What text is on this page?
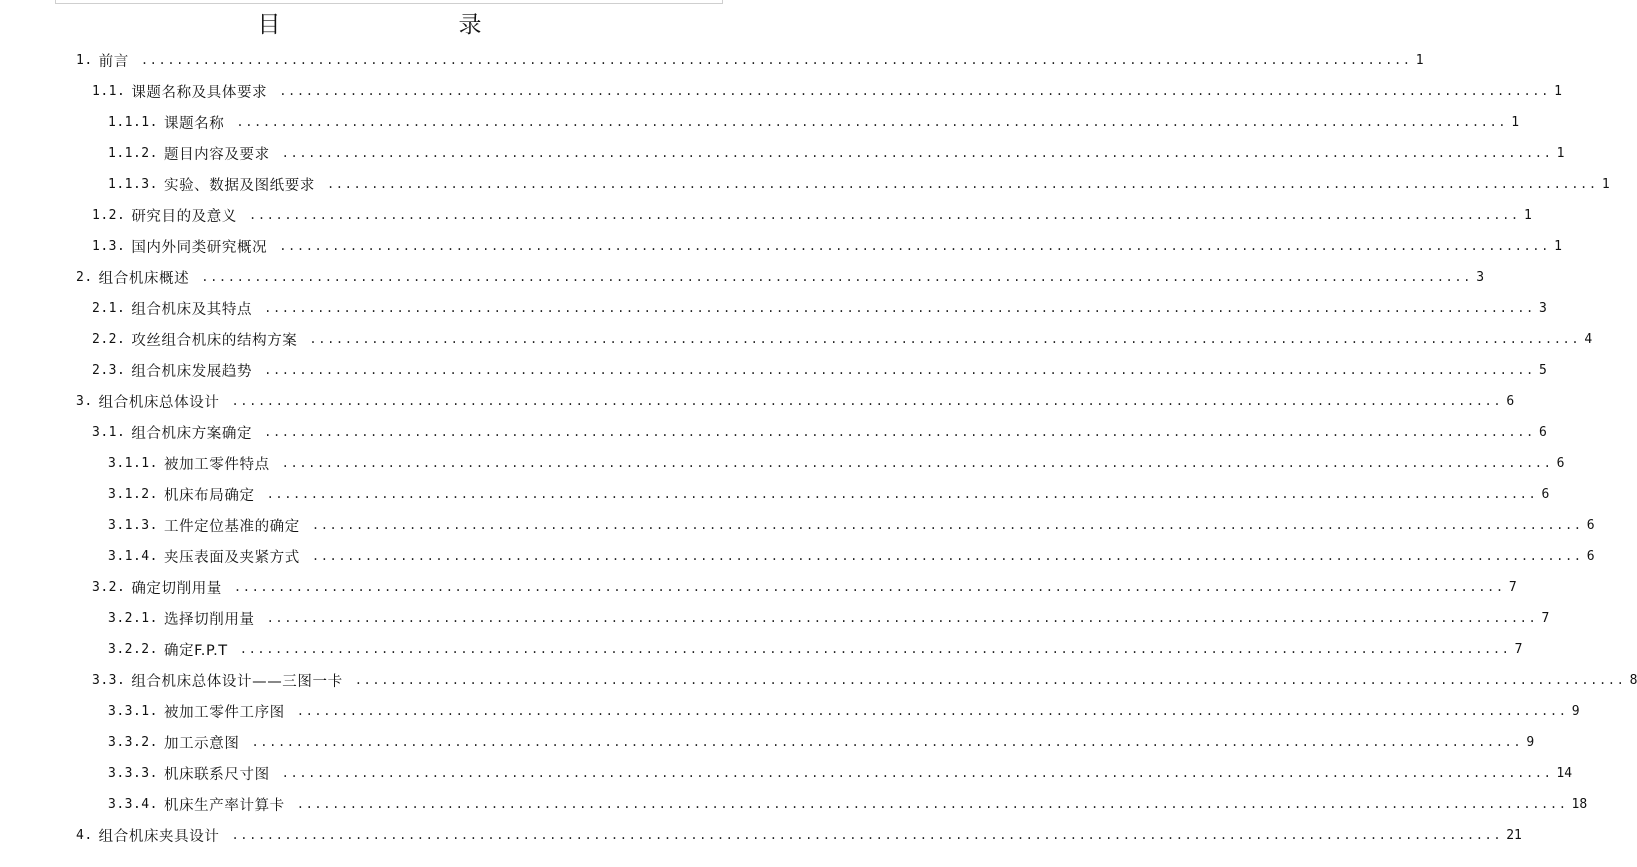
目　　录
1. 前言 ................................................................................................................................................ 1
1.1. 课题名称及具体要求 ................................................................................................................................................ 1
1.1.1. 课题名称 ................................................................................................................................................ 1
1.1.2. 题目内容及要求 ................................................................................................................................................ 1
1.1.3. 实验、数据及图纸要求 ................................................................................................................................................ 1
1.2. 研究目的及意义 ................................................................................................................................................ 1
1.3. 国内外同类研究概况 ................................................................................................................................................ 1
2. 组合机床概述 ................................................................................................................................................ 3
2.1. 组合机床及其特点 ................................................................................................................................................ 3
2.2. 攻丝组合机床的结构方案 ................................................................................................................................................ 4
2.3. 组合机床发展趋势 ................................................................................................................................................ 5
3. 组合机床总体设计 ................................................................................................................................................ 6
3.1. 组合机床方案确定 ................................................................................................................................................ 6
3.1.1. 被加工零件特点 ................................................................................................................................................ 6
3.1.2. 机床布局确定 ................................................................................................................................................ 6
3.1.3. 工件定位基准的确定 ................................................................................................................................................ 6
3.1.4. 夹压表面及夹紧方式 ................................................................................................................................................ 6
3.2. 确定切削用量 ................................................................................................................................................ 7
3.2.1. 选择切削用量 ................................................................................................................................................ 7
3.2.2. 确定F.P.T ................................................................................................................................................ 7
3.3. 组合机床总体设计——三图一卡 ................................................................................................................................................ 8
3.3.1. 被加工零件工序图 ................................................................................................................................................ 9
3.3.2. 加工示意图 ................................................................................................................................................ 9
3.3.3. 机床联系尺寸图 ................................................................................................................................................ 14
3.3.4. 机床生产率计算卡 ................................................................................................................................................ 18
4. 组合机床夹具设计 ................................................................................................................................................ 21
